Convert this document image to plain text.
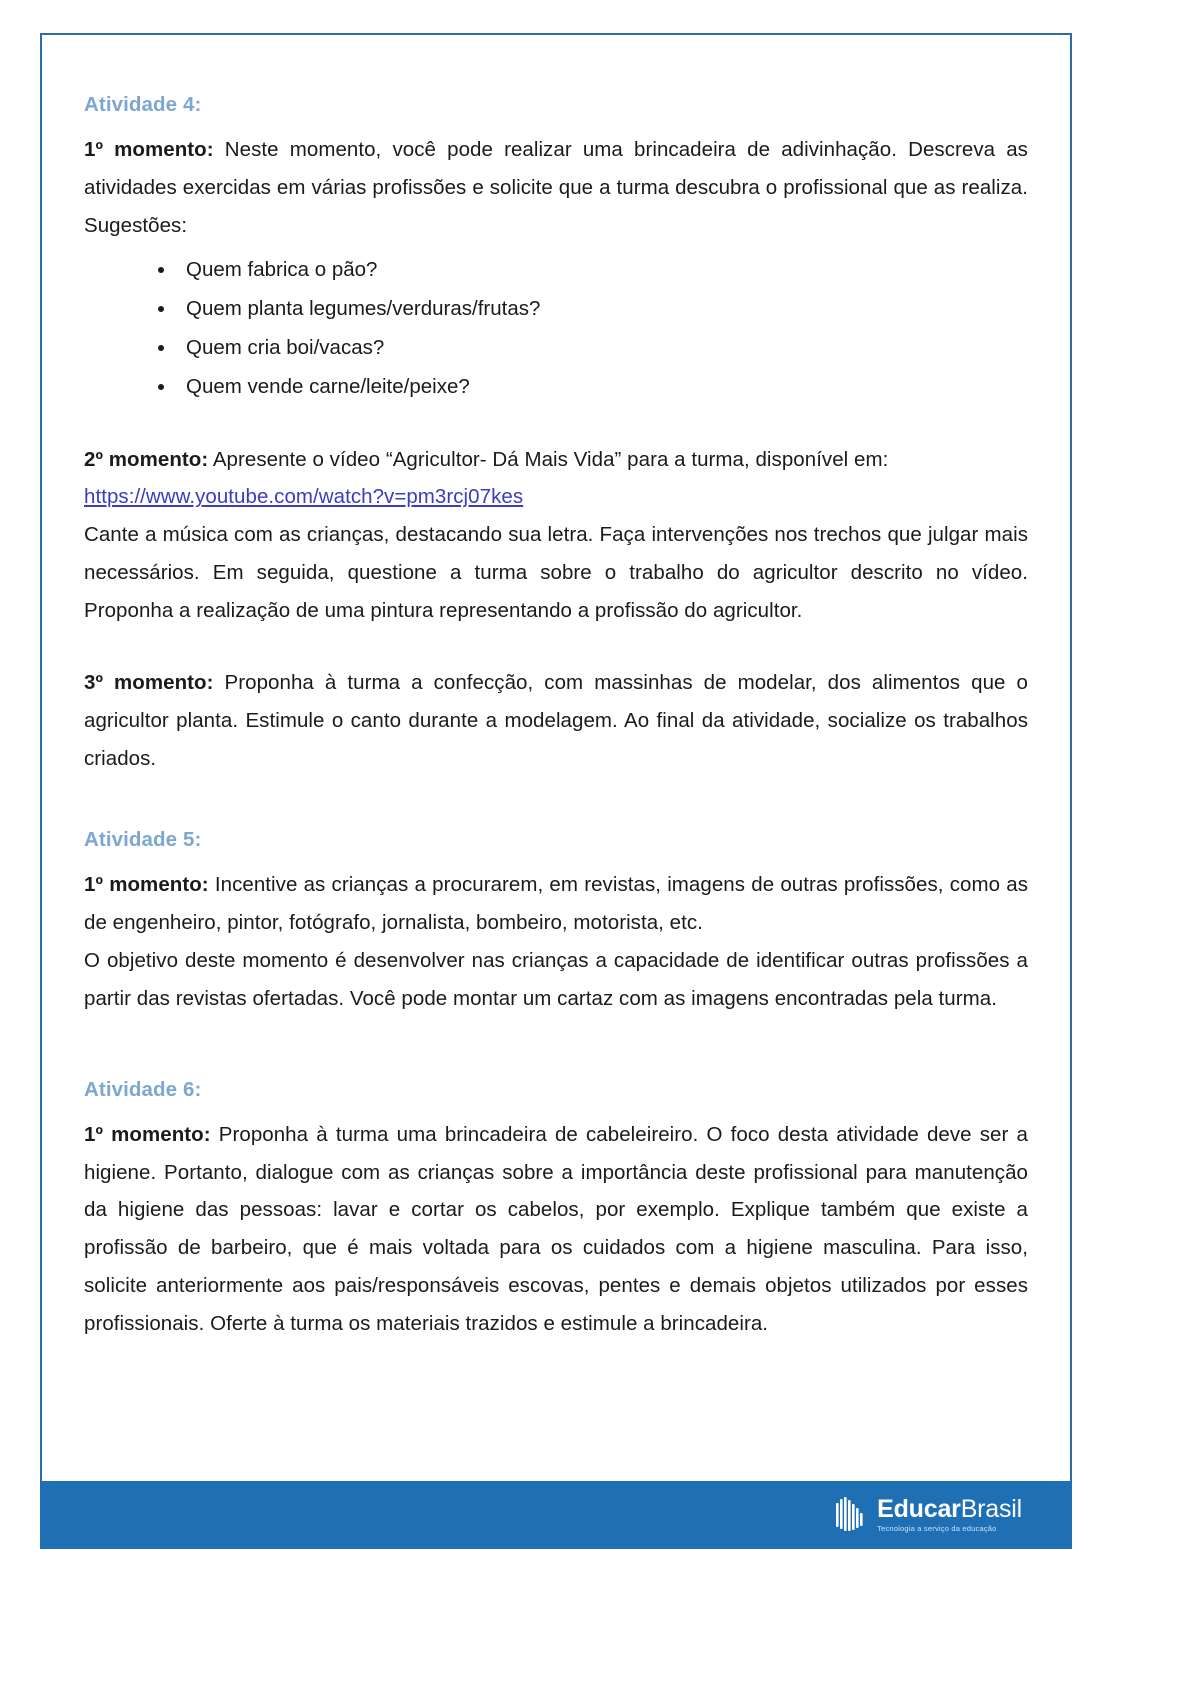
Atividade 4:

1º momento: Neste momento, você pode realizar uma brincadeira de adivinhação. Descreva as atividades exercidas em várias profissões e solicite que a turma descubra o profissional que as realiza. Sugestões:

Quem fabrica o pão?
Quem planta legumes/verduras/frutas?
Quem cria boi/vacas?
Quem vende carne/leite/peixe?

2º momento: Apresente o vídeo “Agricultor- Dá Mais Vida” para a turma, disponível em:

https://www.youtube.com/watch?v=pm3rcj07kes

Cante a música com as crianças, destacando sua letra. Faça intervenções nos trechos que julgar mais necessários. Em seguida, questione a turma sobre o trabalho do agricultor descrito no vídeo. Proponha a realização de uma pintura representando a profissão do agricultor.

3º momento: Proponha à turma a confecção, com massinhas de modelar, dos alimentos que o agricultor planta. Estimule o canto durante a modelagem. Ao final da atividade, socialize os trabalhos criados.

Atividade 5:

1º momento: Incentive as crianças a procurarem, em revistas, imagens de outras profissões, como as de engenheiro, pintor, fotógrafo, jornalista, bombeiro, motorista, etc.

O objetivo deste momento é desenvolver nas crianças a capacidade de identificar outras profissões a partir das revistas ofertadas. Você pode montar um cartaz com as imagens encontradas pela turma.

Atividade 6:

1º momento: Proponha à turma uma brincadeira de cabeleireiro. O foco desta atividade deve ser a higiene. Portanto, dialogue com as crianças sobre a importância deste profissional para manutenção da higiene das pessoas: lavar e cortar os cabelos, por exemplo. Explique também que existe a profissão de barbeiro, que é mais voltada para os cuidados com a higiene masculina. Para isso, solicite anteriormente aos pais/responsáveis escovas, pentes e demais objetos utilizados por esses profissionais. Oferte à turma os materiais trazidos e estimule a brincadeira.

EducarBrasil
Tecnologia a serviço da educação
